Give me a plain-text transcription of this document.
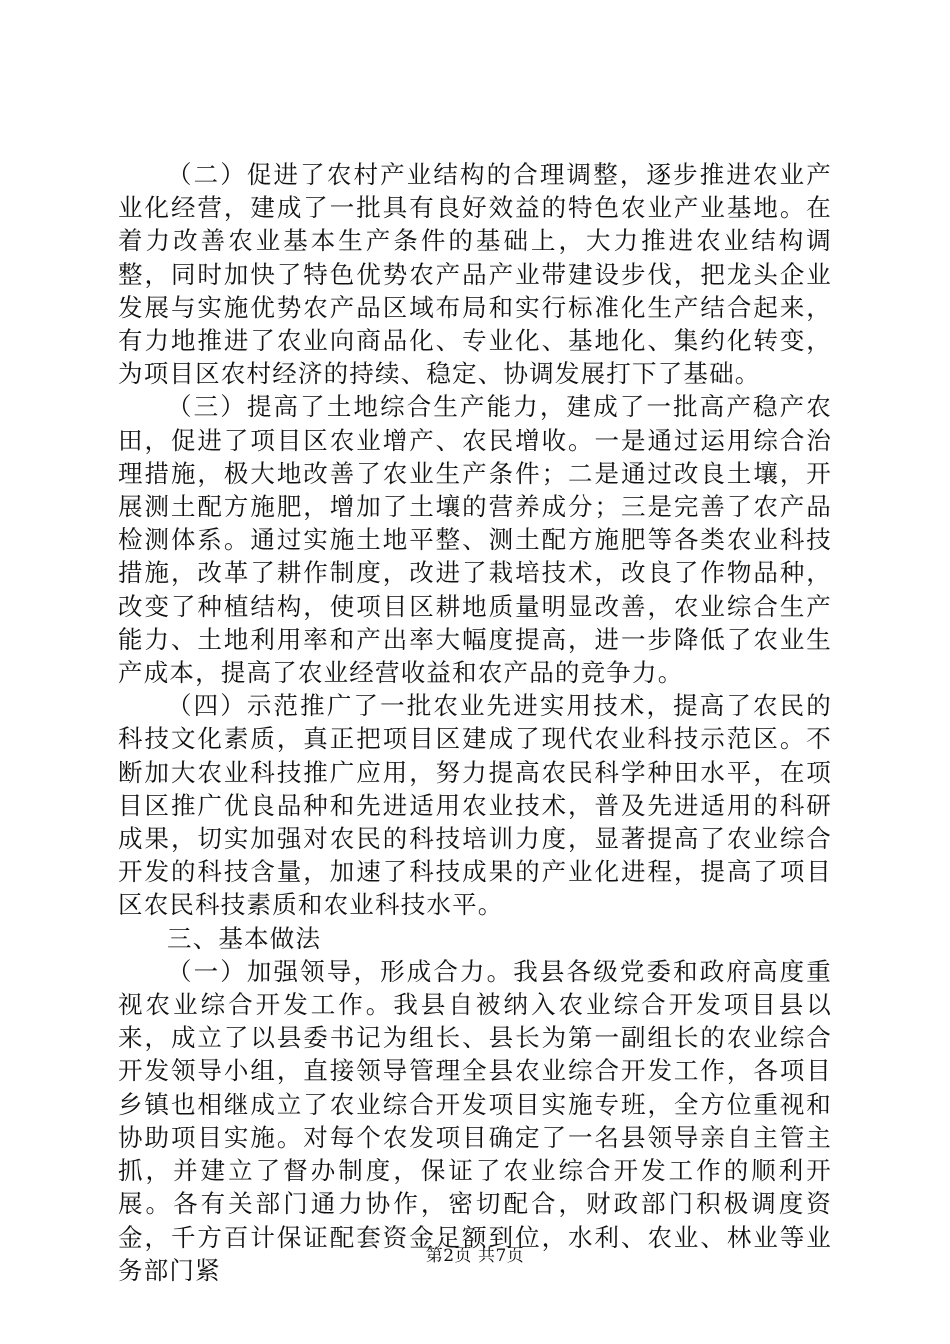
（二）促进了农村产业结构的合理调整，逐步推进农业产业化经营，建成了一批具有良好效益的特色农业产业基地。在着力改善农业基本生产条件的基础上，大力推进农业结构调整，同时加快了特色优势农产品产业带建设步伐，把龙头企业发展与实施优势农产品区域布局和实行标准化生产结合起来，有力地推进了农业向商品化、专业化、基地化、集约化转变，为项目区农村经济的持续、稳定、协调发展打下了基础。

（三）提高了土地综合生产能力，建成了一批高产稳产农田，促进了项目区农业增产、农民增收。一是通过运用综合治理措施，极大地改善了农业生产条件；二是通过改良土壤，开展测土配方施肥，增加了土壤的营养成分；三是完善了农产品检测体系。通过实施土地平整、测土配方施肥等各类农业科技措施，改革了耕作制度，改进了栽培技术，改良了作物品种，改变了种植结构，使项目区耕地质量明显改善，农业综合生产能力、土地利用率和产出率大幅度提高，进一步降低了农业生产成本，提高了农业经营收益和农产品的竞争力。

（四）示范推广了一批农业先进实用技术，提高了农民的科技文化素质，真正把项目区建成了现代农业科技示范区。不断加大农业科技推广应用，努力提高农民科学种田水平，在项目区推广优良品种和先进适用农业技术，普及先进适用的科研成果，切实加强对农民的科技培训力度，显著提高了农业综合开发的科技含量，加速了科技成果的产业化进程，提高了项目区农民科技素质和农业科技水平。

三、基本做法

（一）加强领导，形成合力。我县各级党委和政府高度重视农业综合开发工作。我县自被纳入农业综合开发项目县以来，成立了以县委书记为组长、县长为第一副组长的农业综合开发领导小组，直接领导管理全县农业综合开发工作，各项目乡镇也相继成立了农业综合开发项目实施专班，全方位重视和协助项目实施。对每个农发项目确定了一名县领导亲自主管主抓，并建立了督办制度，保证了农业综合开发工作的顺利开展。各有关部门通力协作，密切配合，财政部门积极调度资金，千方百计保证配套资金足额到位，水利、农业、林业等业务部门紧	第2页 共7页
